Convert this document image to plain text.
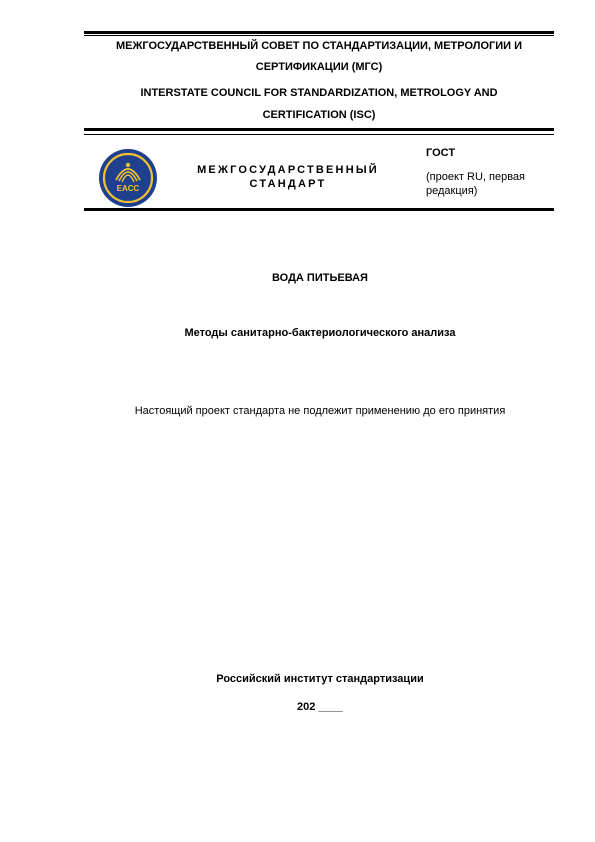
МЕЖГОСУДАРСТВЕННЫЙ СОВЕТ ПО СТАНДАРТИЗАЦИИ, МЕТРОЛОГИИ И
СЕРТИФИКАЦИИ (МГС)
INTERSTATE COUNCIL FOR STANDARDIZATION, METROLOGY AND
CERTIFICATION (ISC)
EACC
МЕЖГОСУДАРСТВЕННЫЙ
СТАНДАРТ
ГОСТ
(проект RU, первая
редакция)
ВОДА ПИТЬЕВАЯ
Методы санитарно-бактериологического анализа
Настоящий проект стандарта не подлежит применению до его принятия
Российский институт стандартизации
202 ____
